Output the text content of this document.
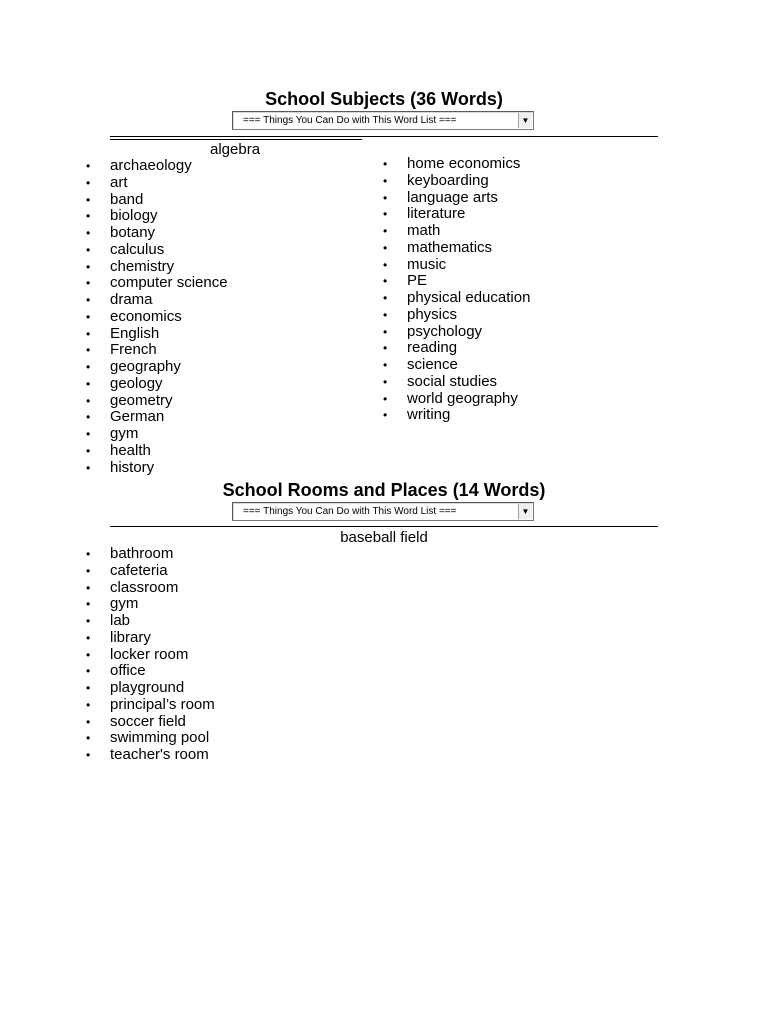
School Subjects (36 Words)
=== Things You Can Do with This Word List ===	▼

algebra

• archaeology
• art
• band
• biology
• botany
• calculus
• chemistry
• computer science
• drama
• economics
• English
• French
• geography
• geology
• geometry
• German
• gym
• health
• history
• home economics
• keyboarding
• language arts
• literature
• math
• mathematics
• music
• PE
• physical education
• physics
• psychology
• reading
• science
• social studies
• world geography
• writing
School Rooms and Places (14 Words)
=== Things You Can Do with This Word List ===	▼

baseball field

• bathroom
• cafeteria
• classroom
• gym
• lab
• library
• locker room
• office
• playground
• principal’s room
• soccer field
• swimming pool
• teacher's room
